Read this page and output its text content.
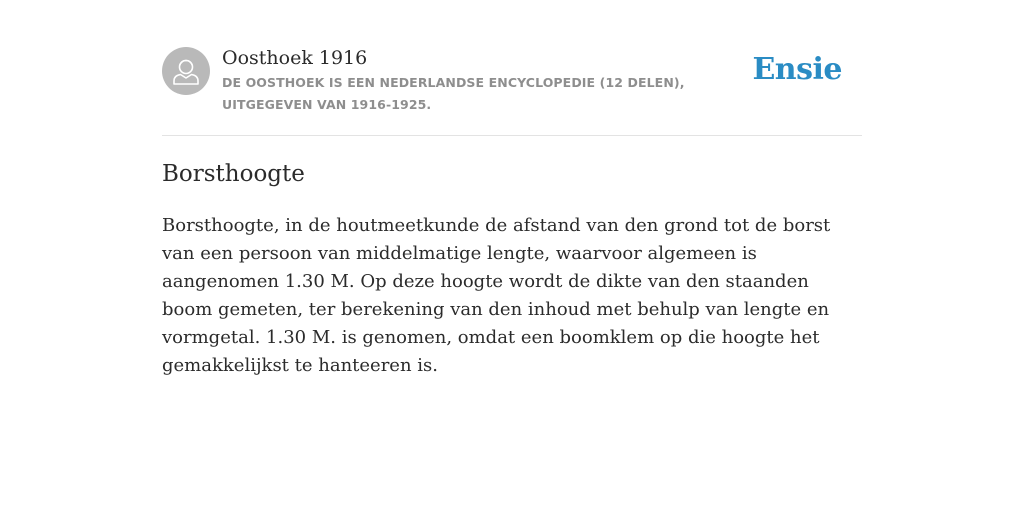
Oosthoek 1916
DE OOSTHOEK IS EEN NEDERLANDSE ENCYCLOPEDIE (12 DELEN), UITGEGEVEN VAN 1916-1925.
Ensie
Borsthoogte

Borsthoogte, in de houtmeetkunde de afstand van den grond tot de borst van een persoon van middelmatige lengte, waarvoor algemeen is aangenomen 1.30 M. Op deze hoogte wordt de dikte van den staanden boom gemeten, ter berekening van den inhoud met behulp van lengte en vormgetal. 1.30 M. is genomen, omdat een boomklem op die hoogte het gemakkelijkst te hanteeren is.
